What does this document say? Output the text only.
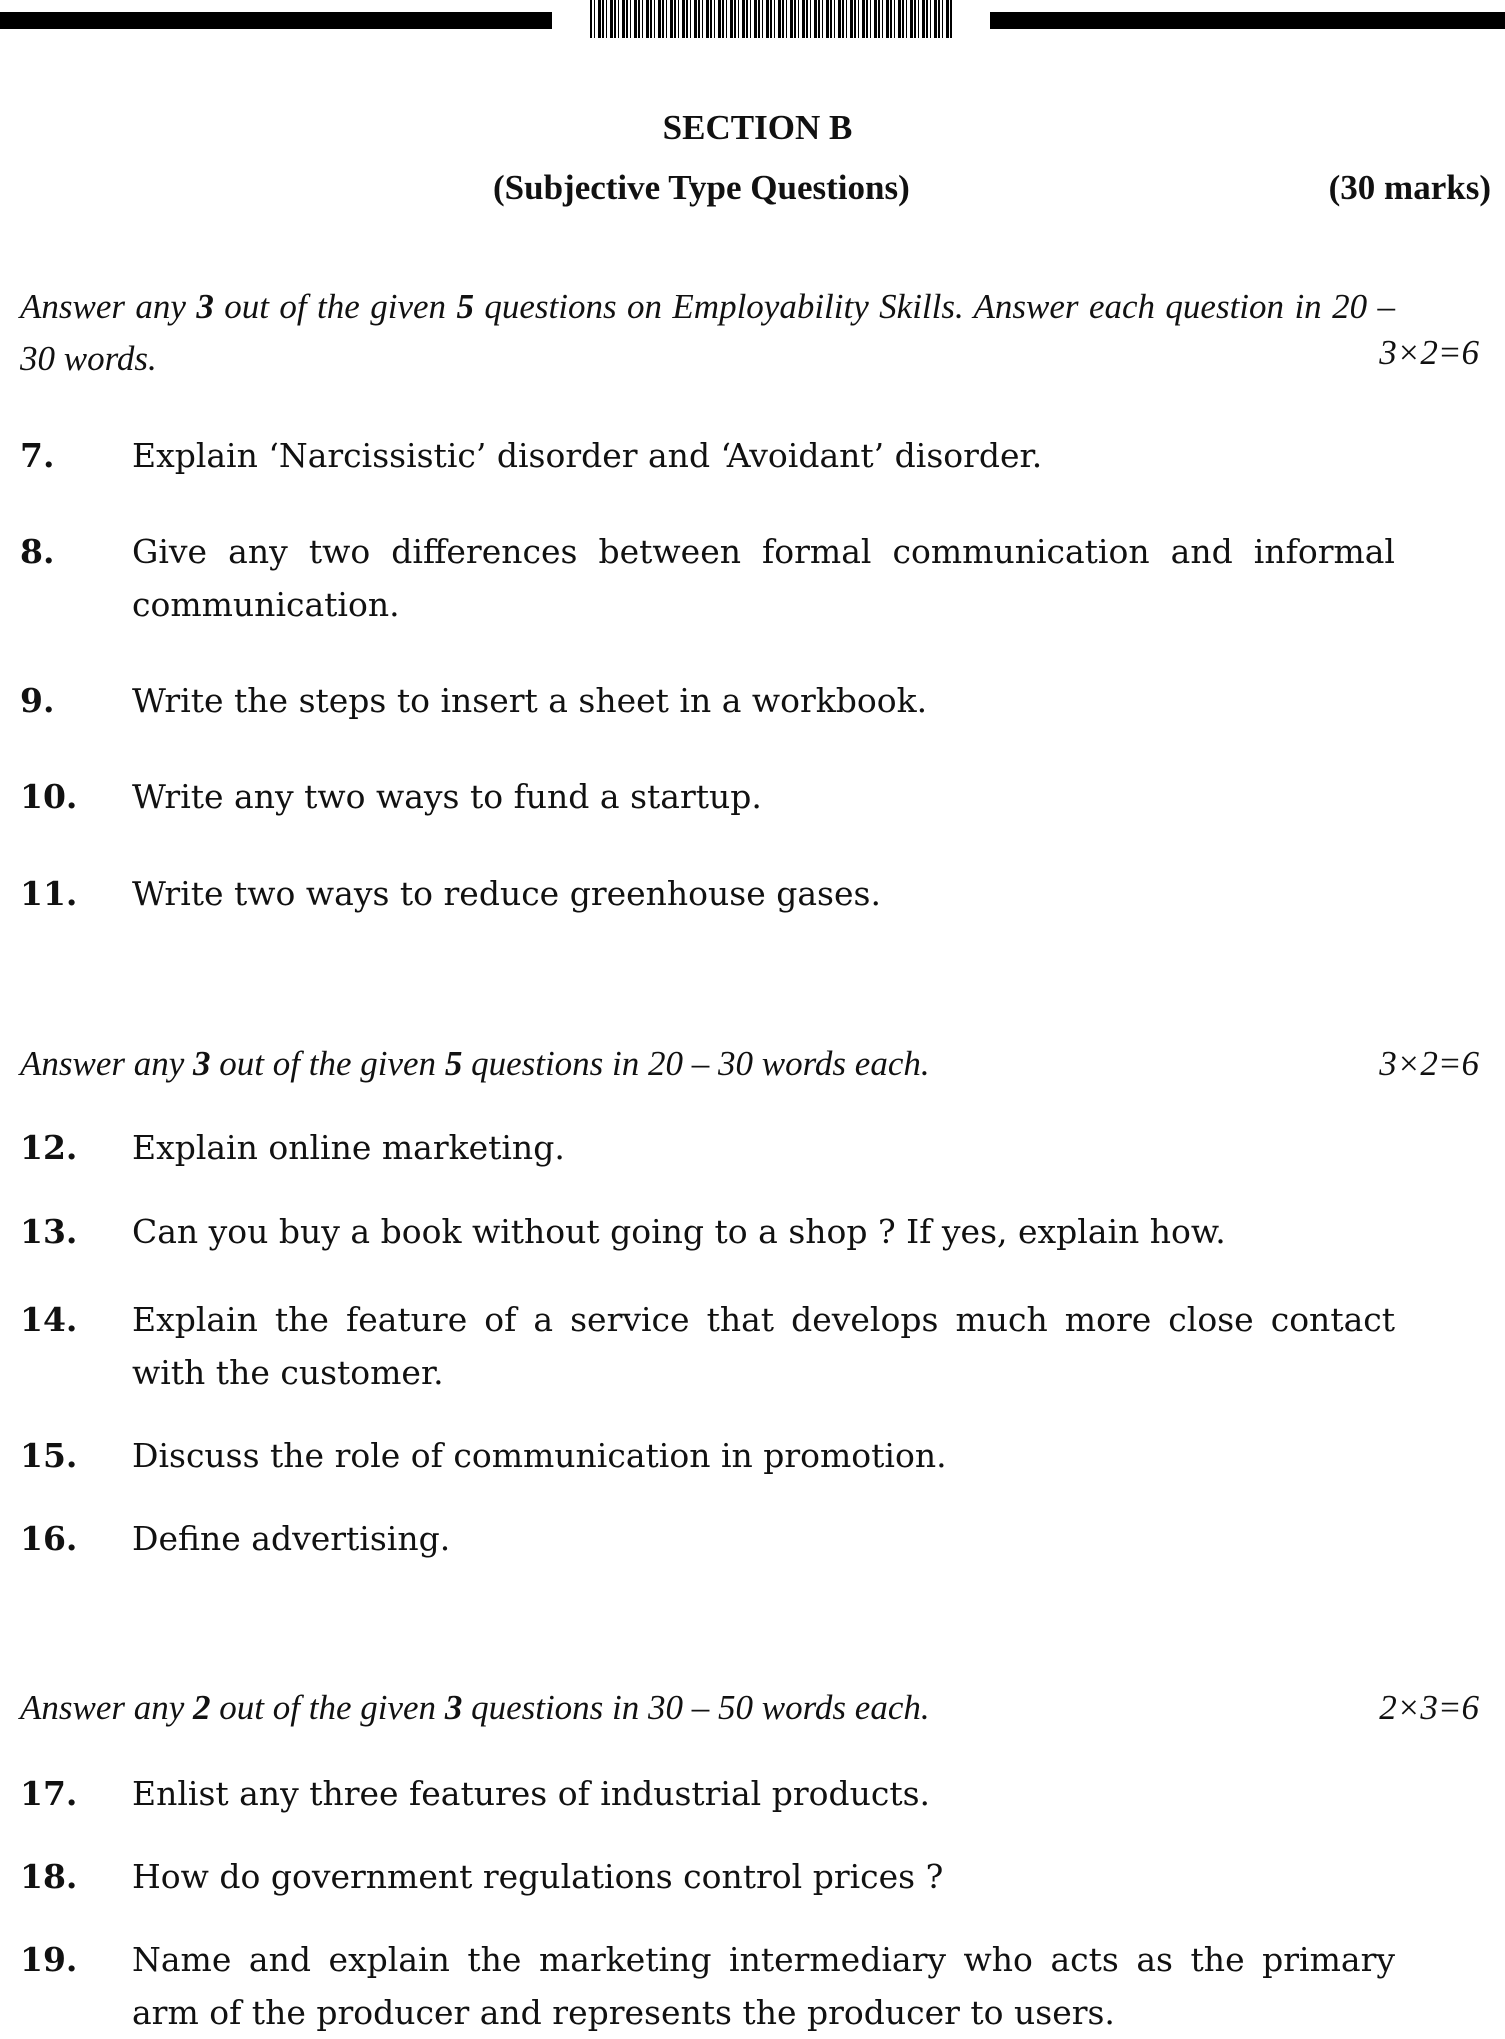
SECTION B
(Subjective Type Questions)	(30 marks)
Answer any 3 out of the given 5 questions on Employability Skills. Answer each question in 20 – 30 words.	3×2=6
7. Explain ‘Narcissistic’ disorder and ‘Avoidant’ disorder.
8. Give any two differences between formal communication and informal communication.
9. Write the steps to insert a sheet in a workbook.
10. Write any two ways to fund a startup.
11. Write two ways to reduce greenhouse gases.
Answer any 3 out of the given 5 questions in 20 – 30 words each.	3×2=6
12. Explain online marketing.
13. Can you buy a book without going to a shop ? If yes, explain how.
14. Explain the feature of a service that develops much more close contact with the customer.
15. Discuss the role of communication in promotion.
16. Define advertising.
Answer any 2 out of the given 3 questions in 30 – 50 words each.	2×3=6
17. Enlist any three features of industrial products.
18. How do government regulations control prices ?
19. Name and explain the marketing intermediary who acts as the primary arm of the producer and represents the producer to users.
